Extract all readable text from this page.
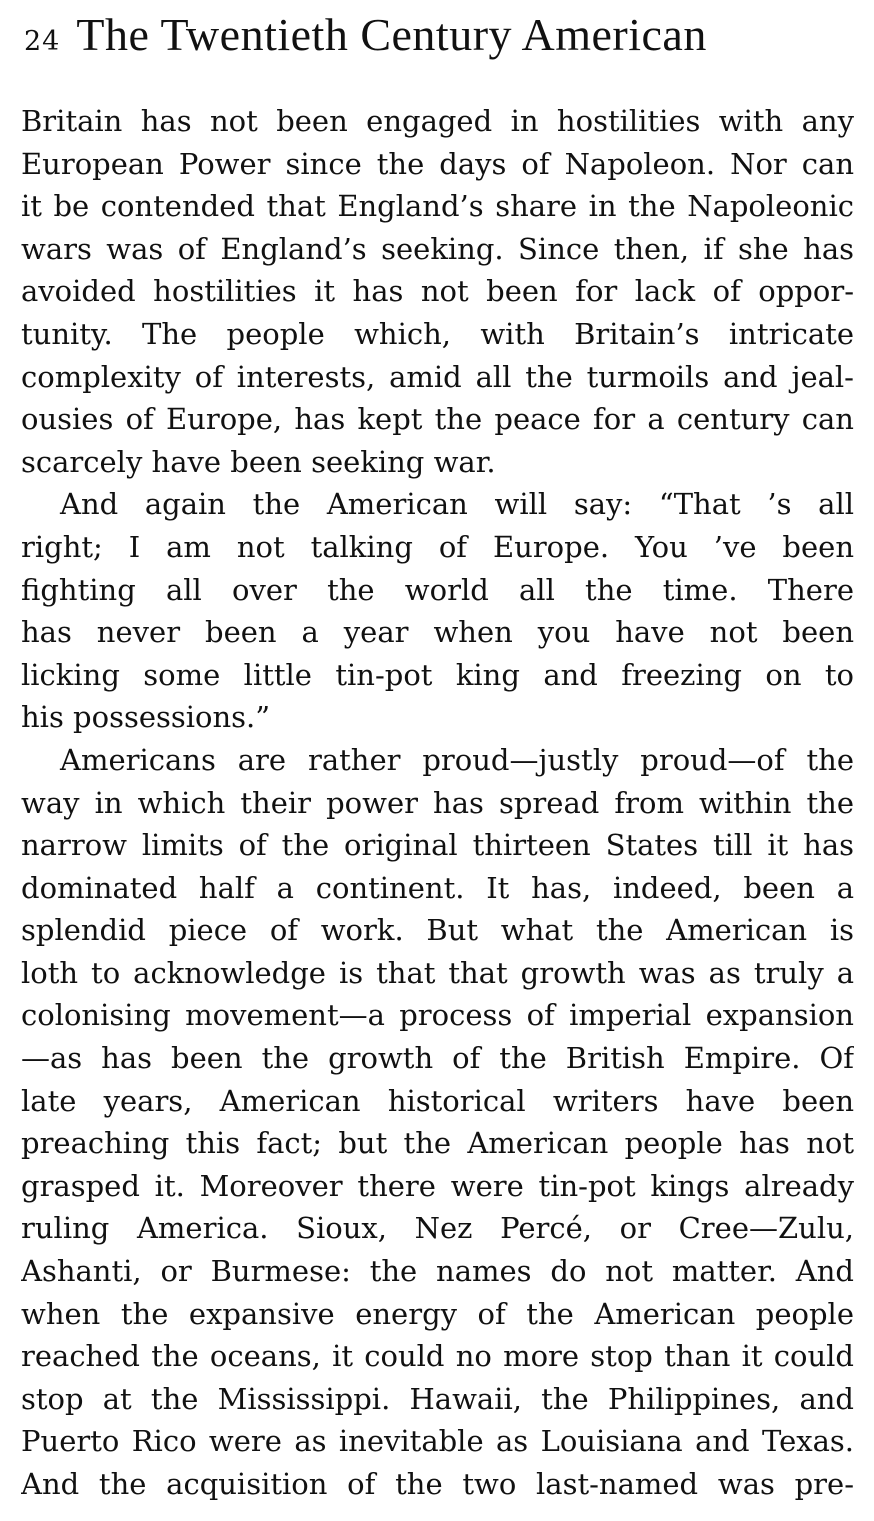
24 The Twentieth Century American
Britain has not been engaged in hostilities with any
European Power since the days of Napoleon. Nor can
it be contended that England’s share in the Napoleonic
wars was of England’s seeking. Since then, if she has
avoided hostilities it has not been for lack of oppor-
tunity. The people which, with Britain’s intricate
complexity of interests, amid all the turmoils and jeal-
ousies of Europe, has kept the peace for a century can
scarcely have been seeking war.
And again the American will say: “That ’s all
right; I am not talking of Europe. You ’ve been
fighting all over the world all the time. There
has never been a year when you have not been
licking some little tin-pot king and freezing on to
his possessions.”
Americans are rather proud—justly proud—of the
way in which their power has spread from within the
narrow limits of the original thirteen States till it has
dominated half a continent. It has, indeed, been a
splendid piece of work. But what the American is
loth to acknowledge is that that growth was as truly a
colonising movement—a process of imperial expansion
—as has been the growth of the British Empire. Of
late years, American historical writers have been
preaching this fact; but the American people has not
grasped it. Moreover there were tin-pot kings already
ruling America. Sioux, Nez Percé, or Cree—Zulu,
Ashanti, or Burmese: the names do not matter. And
when the expansive energy of the American people
reached the oceans, it could no more stop than it could
stop at the Mississippi. Hawaii, the Philippines, and
Puerto Rico were as inevitable as Louisiana and Texas.
And the acquisition of the two last-named was pre-
